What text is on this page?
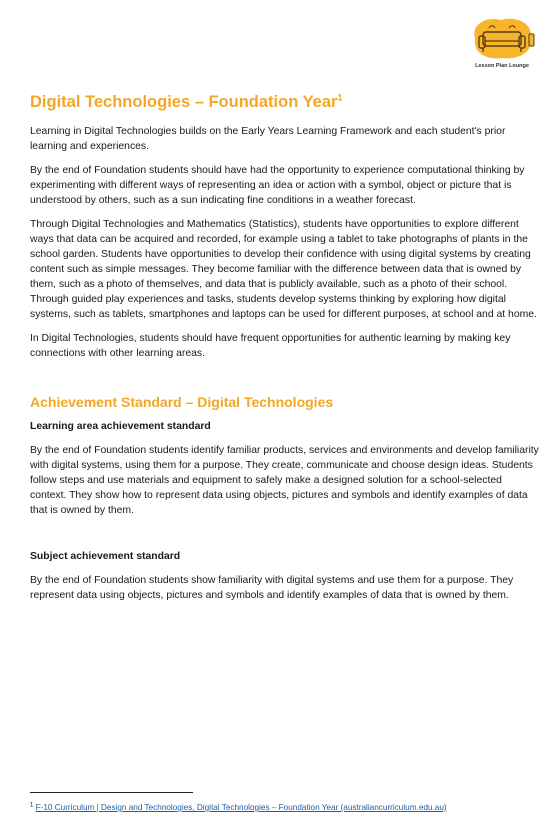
Lesson Plan Lounge
Digital Technologies – Foundation Year$^1$

Learning in Digital Technologies builds on the Early Years Learning Framework and each student's prior learning and experiences.

By the end of Foundation students should have had the opportunity to experience computational thinking by experimenting with different ways of representing an idea or action with a symbol, object or picture that is understood by others, such as a sun indicating fine conditions in a weather forecast.

Through Digital Technologies and Mathematics (Statistics), students have opportunities to explore different ways that data can be acquired and recorded, for example using a tablet to take photographs of plants in the school garden. Students have opportunities to develop their confidence with using digital systems by creating content such as simple messages. They become familiar with the difference between data that is owned by them, such as a photo of themselves, and data that is publicly available, such as a photo of their school. Through guided play experiences and tasks, students develop systems thinking by exploring how digital systems, such as tablets, smartphones and laptops can be used for different purposes, at school and at home.

In Digital Technologies, students should have frequent opportunities for authentic learning by making key connections with other learning areas.

Achievement Standard – Digital Technologies
Learning area achievement standard

By the end of Foundation students identify familiar products, services and environments and develop familiarity with digital systems, using them for a purpose. They create, communicate and choose design ideas. Students follow steps and use materials and equipment to safely make a designed solution for a school-selected context. They show how to represent data using objects, pictures and symbols and identify examples of data that is owned by them.

Subject achievement standard

By the end of Foundation students show familiarity with digital systems and use them for a purpose. They represent data using objects, pictures and symbols and identify examples of data that is owned by them.

$^1$ F-10 Curriculum | Design and Technologies, Digital Technologies – Foundation Year (australiancurriculum.edu.au)
